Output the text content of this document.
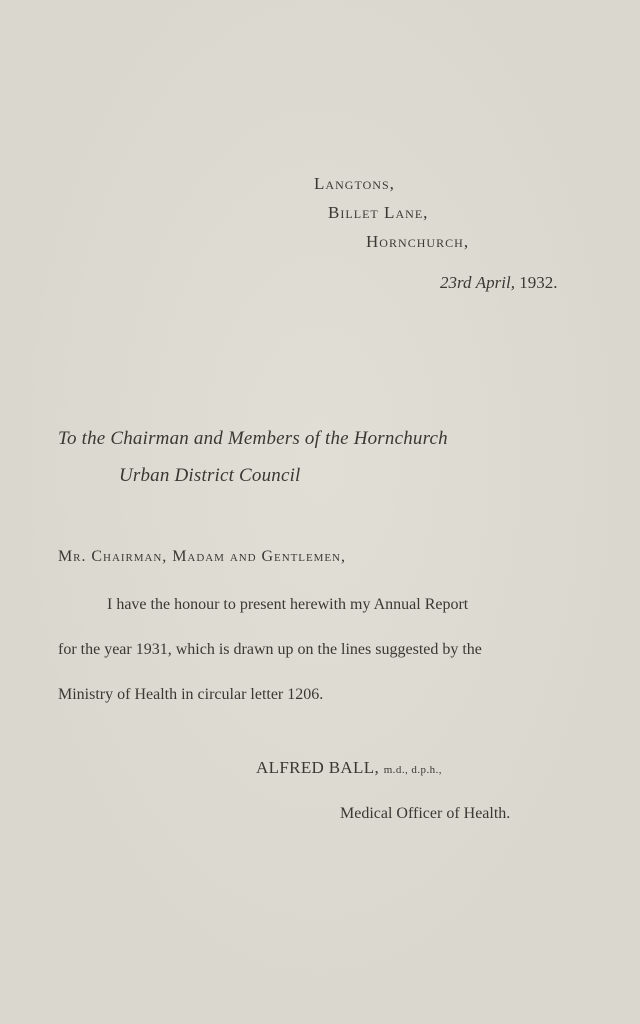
Langtons,
Billet Lane,
Hornchurch,
23rd April, 1932.
To the Chairman and Members of the Hornchurch
Urban District Council
Mr. Chairman, Madam and Gentlemen,
I have the honour to present herewith my Annual Report
for the year 1931, which is drawn up on the lines suggested by the
Ministry of Health in circular letter 1206.
ALFRED BALL, m.d., d.p.h.,
Medical Officer of Health.
